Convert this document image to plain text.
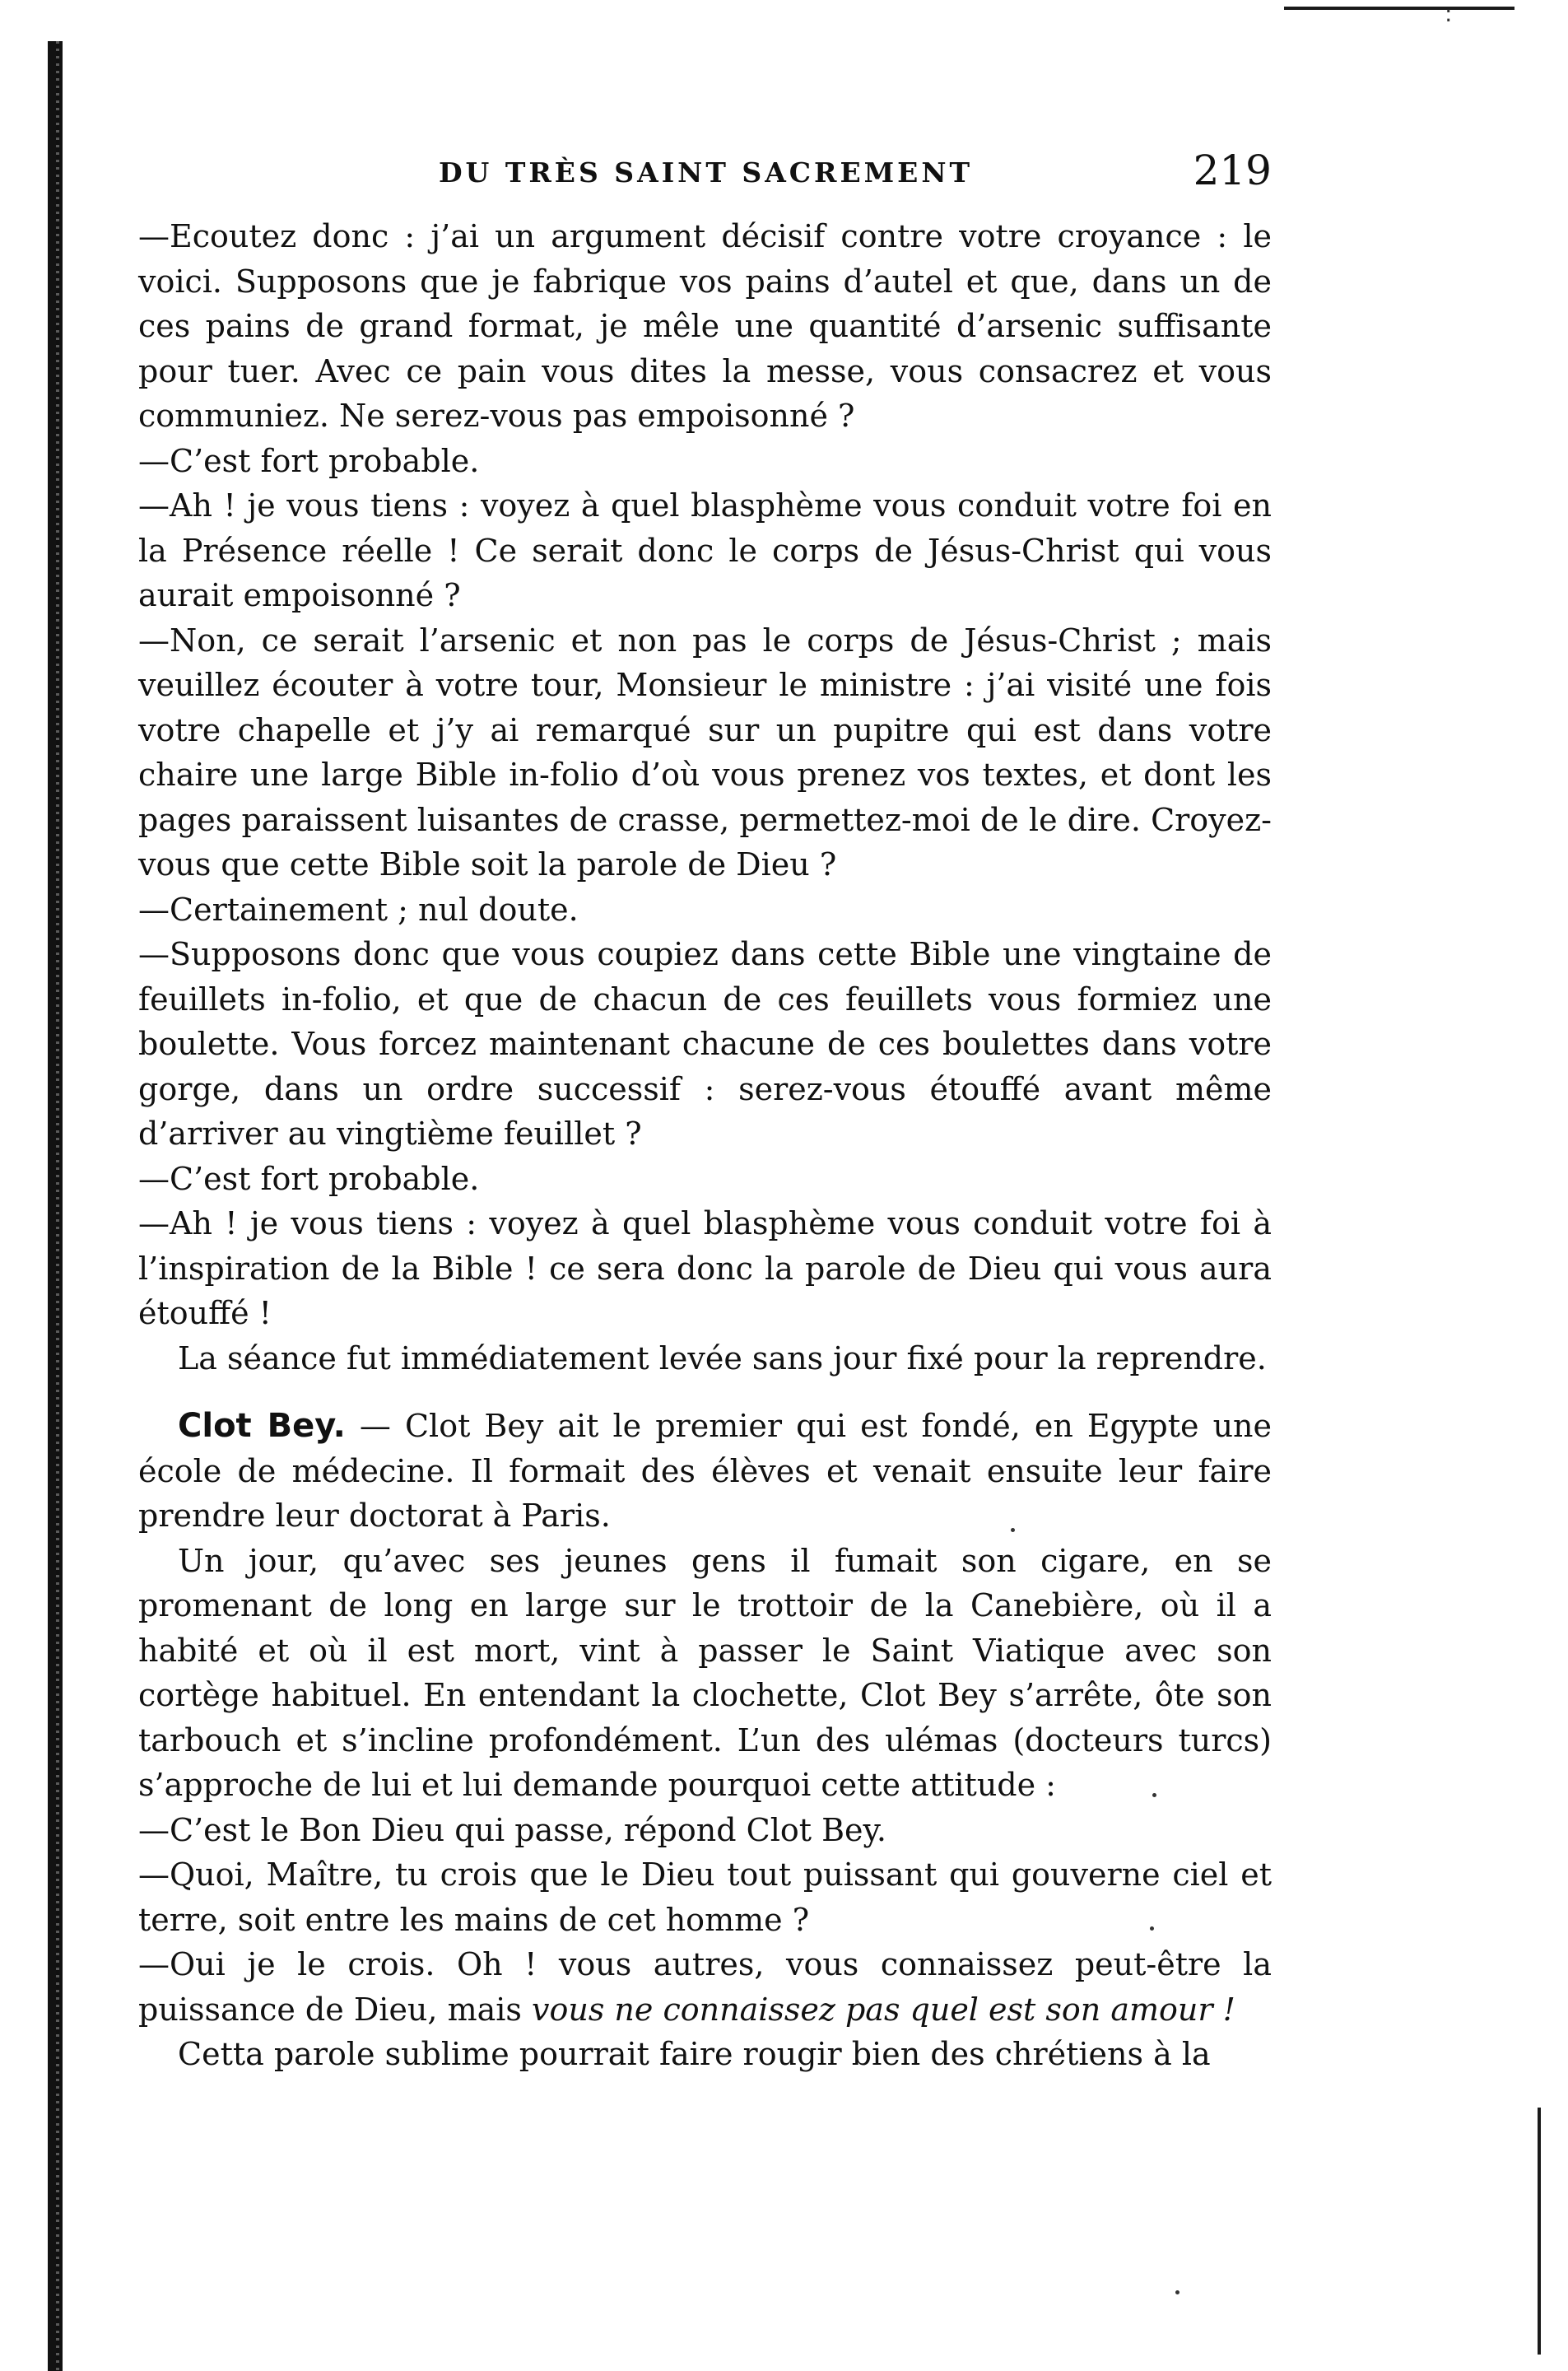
:
DU TRÈS SAINT SACREMENT	219

—Ecoutez donc : j’ai un argument décisif contre votre croyance : le voici. Supposons que je fabrique vos pains d’autel et que, dans un de ces pains de grand format, je mêle une quantité d’arsenic suffisante pour tuer. Avec ce pain vous dites la messe, vous consacrez et vous communiez. Ne serez-vous pas empoisonné ?

—C’est fort probable.

—Ah ! je vous tiens : voyez à quel blasphème vous conduit votre foi en la Présence réelle ! Ce serait donc le corps de Jésus-Christ qui vous aurait empoisonné ?

—Non, ce serait l’arsenic et non pas le corps de Jésus-Christ ; mais veuillez écouter à votre tour, Monsieur le ministre : j’ai visité une fois votre chapelle et j’y ai remarqué sur un pupitre qui est dans votre chaire une large Bible in-folio d’où vous prenez vos textes, et dont les pages paraissent luisantes de crasse, permettez-moi de le dire. Croyez-vous que cette Bible soit la parole de Dieu ?

—Certainement ; nul doute.

—Supposons donc que vous coupiez dans cette Bible une vingtaine de feuillets in-folio, et que de chacun de ces feuillets vous formiez une boulette. Vous forcez maintenant chacune de ces boulettes dans votre gorge, dans un ordre successif : serez-vous étouffé avant même d’arriver au vingtième feuillet ?

—C’est fort probable.

—Ah ! je vous tiens : voyez à quel blasphème vous conduit votre foi à l’inspiration de la Bible ! ce sera donc la parole de Dieu qui vous aura étouffé !

La séance fut immédiatement levée sans jour fixé pour la reprendre.

Clot Bey. — Clot Bey ait le premier qui est fondé, en Egypte une école de médecine. Il formait des élèves et venait ensuite leur faire prendre leur doctorat à Paris.

Un jour, qu’avec ses jeunes gens il fumait son cigare, en se promenant de long en large sur le trottoir de la Canebière, où il a habité et où il est mort, vint à passer le Saint Viatique avec son cortège habituel. En entendant la clochette, Clot Bey s’arrête, ôte son tarbouch et s’incline profondément. L’un des ulémas (docteurs turcs) s’approche de lui et lui demande pourquoi cette attitude :

—C’est le Bon Dieu qui passe, répond Clot Bey.

—Quoi, Maître, tu crois que le Dieu tout puissant qui gouverne ciel et terre, soit entre les mains de cet homme ?

—Oui je le crois. Oh ! vous autres, vous connaissez peut-être la puissance de Dieu, mais vous ne connaissez pas quel est son amour !

Cetta parole sublime pourrait faire rougir bien des chrétiens à la
